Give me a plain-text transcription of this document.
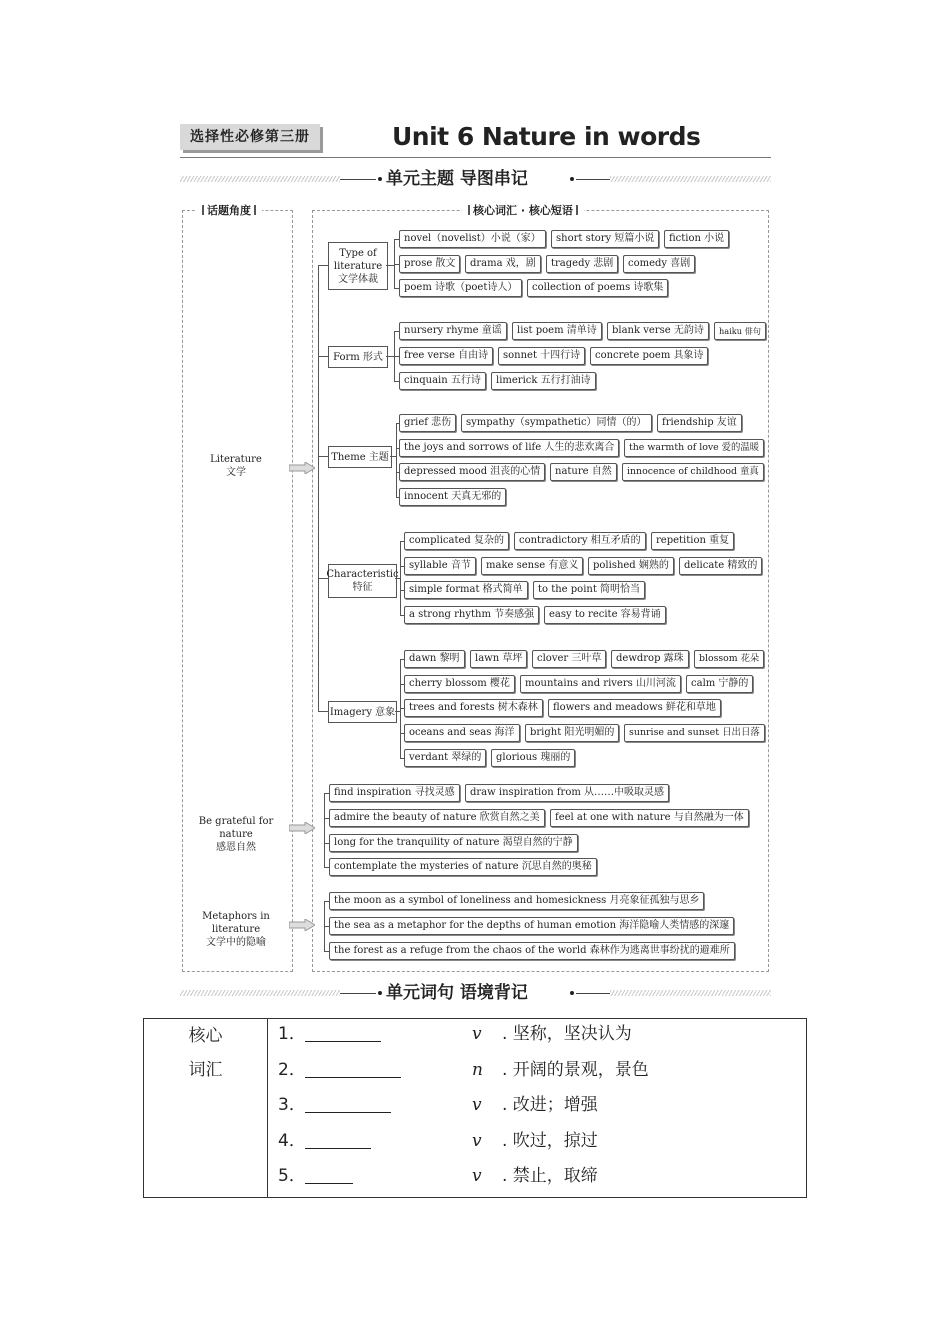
选择性必修第三册	Unit 6 Nature in words
单元主题 导图串记
话题角度	核心词汇 · 核心短语
Literature
文学
Be grateful for nature
感恩自然
Metaphors in literature
文学中的隐喻
Type of literature 文学体裁
Form 形式
Theme 主题
Characteristic 特征
Imagery 意象
novel（novelist）小说（家）	short story 短篇小说	fiction 小说
prose 散文	drama 戏，剧	tragedy 悲剧	comedy 喜剧
poem 诗歌（poet诗人）	collection of poems 诗歌集
nursery rhyme 童谣	list poem 清单诗	blank verse 无韵诗	haiku 俳句
free verse 自由诗	sonnet 十四行诗	concrete poem 具象诗
cinquain 五行诗	limerick 五行打油诗
grief 悲伤	sympathy（sympathetic）同情（的）	friendship 友谊
the joys and sorrows of life 人生的悲欢离合	the warmth of love 爱的温暖
depressed mood 沮丧的心情	nature 自然	innocence of childhood 童真
innocent 天真无邪的
complicated 复杂的	contradictory 相互矛盾的	repetition 重复
syllable 音节	make sense 有意义	polished 娴熟的	delicate 精致的
simple format 格式简单	to the point 简明恰当
a strong rhythm 节奏感强	easy to recite 容易背诵
dawn 黎明	lawn 草坪	clover 三叶草	dewdrop 露珠	blossom 花朵
cherry blossom 樱花	mountains and rivers 山川河流	calm 宁静的
trees and forests 树木森林	flowers and meadows 鲜花和草地
oceans and seas 海洋	bright 阳光明媚的	sunrise and sunset 日出日落
verdant 翠绿的	glorious 瑰丽的
find inspiration 寻找灵感	draw inspiration from 从……中吸取灵感
admire the beauty of nature 欣赏自然之美	feel at one with nature 与自然融为一体
long for the tranquility of nature 渴望自然的宁静
contemplate the mysteries of nature 沉思自然的奥秘
the moon as a symbol of loneliness and homesickness 月亮象征孤独与思乡
the sea as a metaphor for the depths of human emotion 海洋隐喻人类情感的深邃
the forest as a refuge from the chaos of the world 森林作为逃离世事纷扰的避难所
单元词句 语境背记
核心
词汇

1．	v . 坚称，坚决认为
2．	n . 开阔的景观，景色
3．	v . 改进；增强
4．	v . 吹过，掠过
5．	v . 禁止，取缔
